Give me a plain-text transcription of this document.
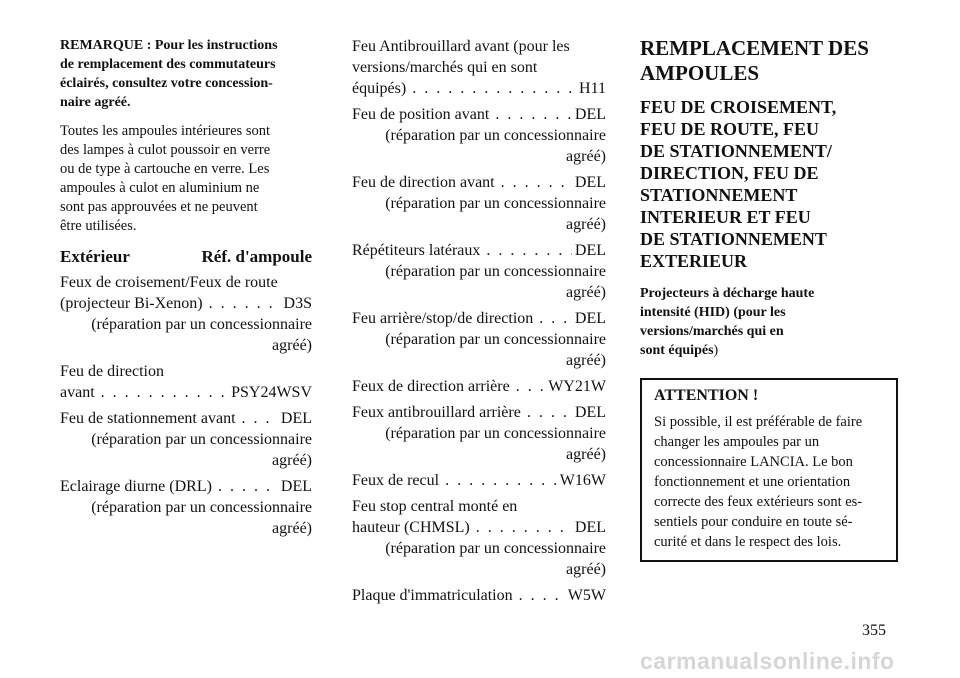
REMARQUE : Pour les instructions
de remplacement des commutateurs
éclairés, consultez votre concession-
naire agréé.
Toutes les ampoules intérieures sont
des lampes à culot poussoir en verre
ou de type à cartouche en verre. Les
ampoules à culot en aluminium ne
sont pas approuvées et ne peuvent
être utilisées.
Extérieur	Réf. d'ampoule
Feux de croisement/Feux de route
(projecteur Bi-Xenon) . . .	D3S
(réparation par un concessionnaire
agréé)
Feu de direction
avant . . .	PSY24WSV
Feu de stationnement avant . . .	DEL
(réparation par un concessionnaire
agréé)
Eclairage diurne (DRL) . . .	DEL
(réparation par un concessionnaire
agréé)
Feu Antibrouillard avant (pour les
versions/marchés qui en sont
équipés) . . .	H11
Feu de position avant . . .	DEL
(réparation par un concessionnaire
agréé)
Feu de direction avant . . .	DEL
(réparation par un concessionnaire
agréé)
Répétiteurs latéraux . . .	DEL
(réparation par un concessionnaire
agréé)
Feu arrière/stop/de direction . . .	DEL
(réparation par un concessionnaire
agréé)
Feux de direction arrière . . . WY21W
Feux antibrouillard arrière . . .	DEL
(réparation par un concessionnaire
agréé)
Feux de recul . . .	W16W
Feu stop central monté en
hauteur (CHMSL) . . .	DEL
(réparation par un concessionnaire
agréé)
Plaque d'immatriculation . . .	W5W
REMPLACEMENT DES
AMPOULES
FEU DE CROISEMENT,
FEU DE ROUTE, FEU
DE STATIONNEMENT/
DIRECTION, FEU DE
STATIONNEMENT
INTERIEUR ET FEU
DE STATIONNEMENT
EXTERIEUR
Projecteurs à décharge haute
intensité (HID) (pour les
versions/marchés qui en
sont équipés)
ATTENTION !
Si possible, il est préférable de faire
changer les ampoules par un
concessionnaire LANCIA. Le bon
fonctionnement et une orientation
correcte des feux extérieurs sont es-
sentiels pour conduire en toute sé-
curité et dans le respect des lois.
355
carmanualsonline.info
